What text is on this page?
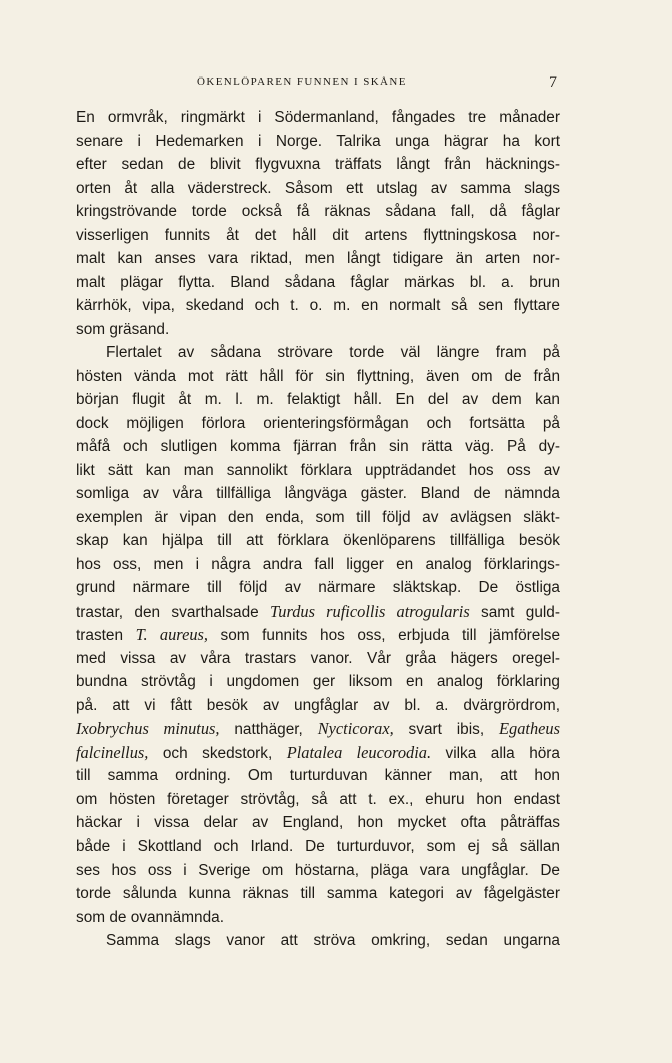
ÖKENLÖPAREN FUNNEN I SKÅNE	7
En ormvråk, ringmärkt i Södermanland, fångades tre månader
senare i Hedemarken i Norge. Talrika unga hägrar ha kort
efter sedan de blivit flygvuxna träffats långt från häcknings-
orten åt alla väderstreck. Såsom ett utslag av samma slags
kringströvande torde också få räknas sådana fall, då fåglar
visserligen funnits åt det håll dit artens flyttningskosa nor-
malt kan anses vara riktad, men långt tidigare än arten nor-
malt plägar flytta. Bland sådana fåglar märkas bl. a. brun
kärrhök, vipa, skedand och t. o. m. en normalt så sen flyttare
som gräsand.
Flertalet av sådana strövare torde väl längre fram på
hösten vända mot rätt håll för sin flyttning, även om de från
början flugit åt m. l. m. felaktigt håll. En del av dem kan
dock möjligen förlora orienteringsförmågan och fortsätta på
måfå och slutligen komma fjärran från sin rätta väg. På dy-
likt sätt kan man sannolikt förklara uppträdandet hos oss av
somliga av våra tillfälliga långväga gäster. Bland de nämnda
exemplen är vipan den enda, som till följd av avlägsen släkt-
skap kan hjälpa till att förklara ökenlöparens tillfälliga besök
hos oss, men i några andra fall ligger en analog förklarings-
grund närmare till följd av närmare släktskap. De östliga
trastar, den svarthalsade Turdus ruficollis atrogularis samt guld-
trasten T. aureus, som funnits hos oss, erbjuda till jämförelse
med vissa av våra trastars vanor. Vår gråa hägers oregel-
bundna strövtåg i ungdomen ger liksom en analog förklaring
på. att vi fått besök av ungfåglar av bl. a. dvärgrördrom,
Ixobrychus minutus, natthäger, Nycticorax, svart ibis, Egatheus
falcinellus, och skedstork, Platalea leucorodia. vilka alla höra
till samma ordning. Om turturduvan känner man, att hon
om hösten företager strövtåg, så att t. ex., ehuru hon endast
häckar i vissa delar av England, hon mycket ofta påträffas
både i Skottland och Irland. De turturduvor, som ej så sällan
ses hos oss i Sverige om höstarna, pläga vara ungfåglar. De
torde sålunda kunna räknas till samma kategori av fågelgäster
som de ovannämnda.
Samma slags vanor att ströva omkring, sedan ungarna
